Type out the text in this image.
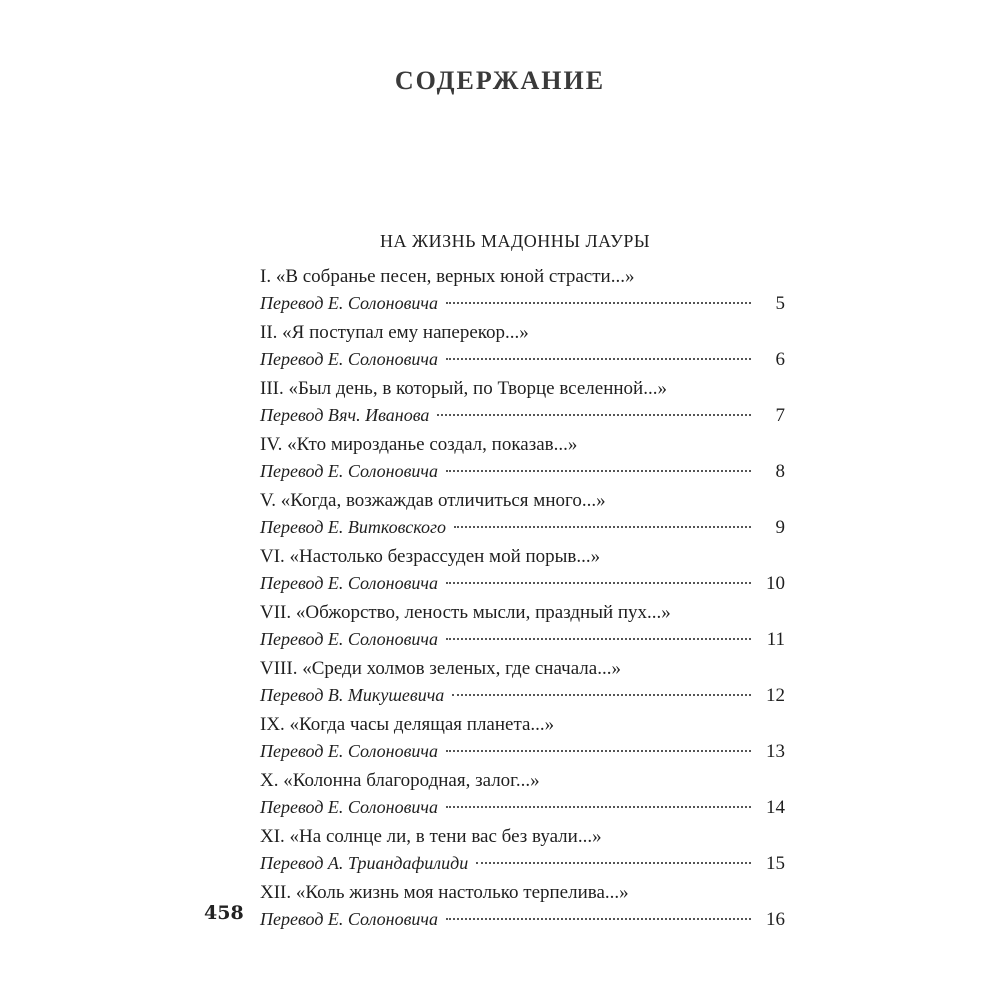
СОДЕРЖАНИЕ
НА ЖИЗНЬ МАДОННЫ ЛАУРЫ
I. «В собранье песен, верных юной страсти...»
Перевод Е. Солоновича	5
II. «Я поступал ему наперекор...»
Перевод Е. Солоновича	6
III. «Был день, в который, по Творце вселенной...»
Перевод Вяч. Иванова	7
IV. «Кто мирозданье создал, показав...»
Перевод Е. Солоновича	8
V. «Когда, возжаждав отличиться много...»
Перевод Е. Витковского	9
VI. «Настолько безрассуден мой порыв...»
Перевод Е. Солоновича	10
VII. «Обжорство, леность мысли, праздный пух...»
Перевод Е. Солоновича	11
VIII. «Среди холмов зеленых, где сначала...»
Перевод В. Микушевича	12
IX. «Когда часы делящая планета...»
Перевод Е. Солоновича	13
X. «Колонна благородная, залог...»
Перевод Е. Солоновича	14
XI. «На солнце ли, в тени вас без вуали...»
Перевод А. Триандафилиди	15
XII. «Коль жизнь моя настолько терпелива...»
Перевод Е. Солоновича	16
458
